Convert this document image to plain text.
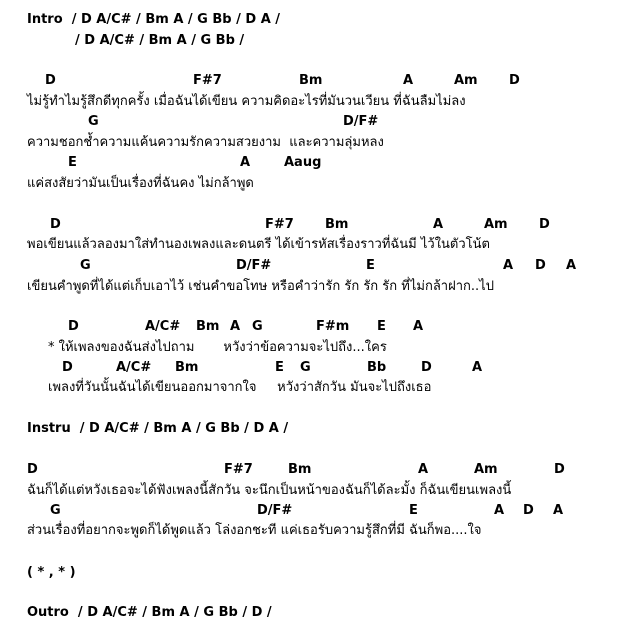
Intro  / D A/C# / Bm A / G Bb / D A /
/ D A/C# / Bm A / G Bb /
D	F#7	Bm	A	Am D
ไม่รู้ทำไมรู้สึกดีทุกครั้ง เมื่อฉันได้เขียน ความคิดอะไรที่มันวนเวียน ที่ฉันลืมไม่ลง
G	D/F#
ความชอกช้ำความแค้นความรักความสวยงาม  และความลุ่มหลง
E	A	Aaug
แค่สงสัยว่ามันเป็นเรื่องที่ฉันคง ไม่กล้าพูด
D	F#7 Bm	A	Am D
พอเขียนแล้วลองมาใส่ทำนองเพลงและดนตรี ได้เข้ารหัสเรื่องราวที่ฉันมี ไว้ในตัวโน้ต
G	D/F#	E	A D A
เขียนคำพูดที่ได้แต่เก็บเอาไว้ เช่นคำขอโทษ หรือคำว่ารัก รัก รัก รัก ที่ไม่กล้าฝาก..ไป
D	A/C# Bm A G	F#m E A
* ให้เพลงของฉันส่งไปถาม       หวังว่าข้อความจะไปถึง...ใคร
D	A/C# Bm	E G	Bb	D	A
เพลงที่วันนั้นฉันได้เขียนออกมาจากใจ     หวังว่าสักวัน มันจะไปถึงเธอ
Instru  / D A/C# / Bm A / G Bb / D A /
D	F#7	Bm	A	Am	D
ฉันก็ได้แต่หวังเธอจะได้ฟังเพลงนี้สักวัน จะนึกเป็นหน้าของฉันก็ได้ละมั้ง ก็ฉันเขียนเพลงนี้
G	D/F#	E	A D A
ส่วนเรื่องที่อยากจะพูดก็ได้พูดแล้ว โล่งอกชะที แค่เธอรับความรู้สึกที่มี ฉันก็พอ....ใจ
( * , * )
Outro  / D A/C# / Bm A / G Bb / D /
